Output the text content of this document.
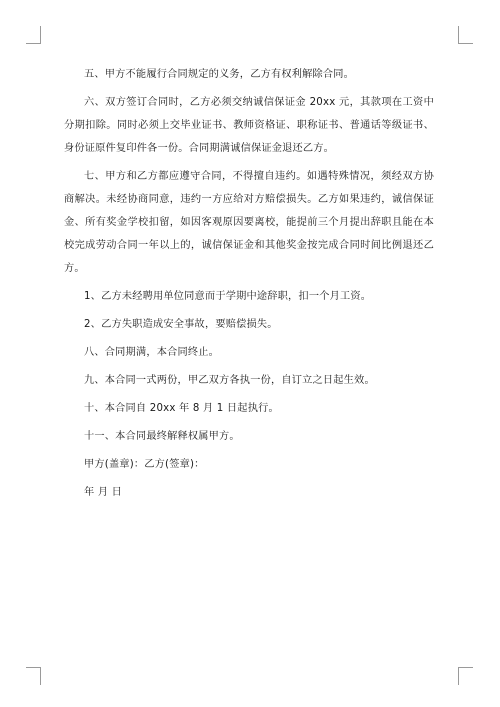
五、甲方不能履行合同规定的义务，乙方有权利解除合同。

六、双方签订合同时，乙方必须交纳诚信保证金 20xx 元，其款项在工资中分期扣除。同时必须上交毕业证书、教师资格证、职称证书、普通话等级证书、身份证原件复印件各一份。合同期满诚信保证金退还乙方。

七、甲方和乙方都应遵守合同，不得擅自违约。如遇特殊情况，须经双方协商解决。未经协商同意，违约一方应给对方赔偿损失。乙方如果违约，诚信保证金、所有奖金学校扣留，如因客观原因要离校，能提前三个月提出辞职且能在本校完成劳动合同一年以上的，诚信保证金和其他奖金按完成合同时间比例退还乙方。

1、乙方未经聘用单位同意而于学期中途辞职，扣一个月工资。

2、乙方失职造成安全事故，要赔偿损失。

八、合同期满，本合同终止。

九、本合同一式两份，甲乙双方各执一份，自订立之日起生效。

十、本合同自 20xx 年 8 月 1 日起执行。

十一、本合同最终解释权属甲方。

甲方(盖章)：乙方(签章)：

年 月 日
